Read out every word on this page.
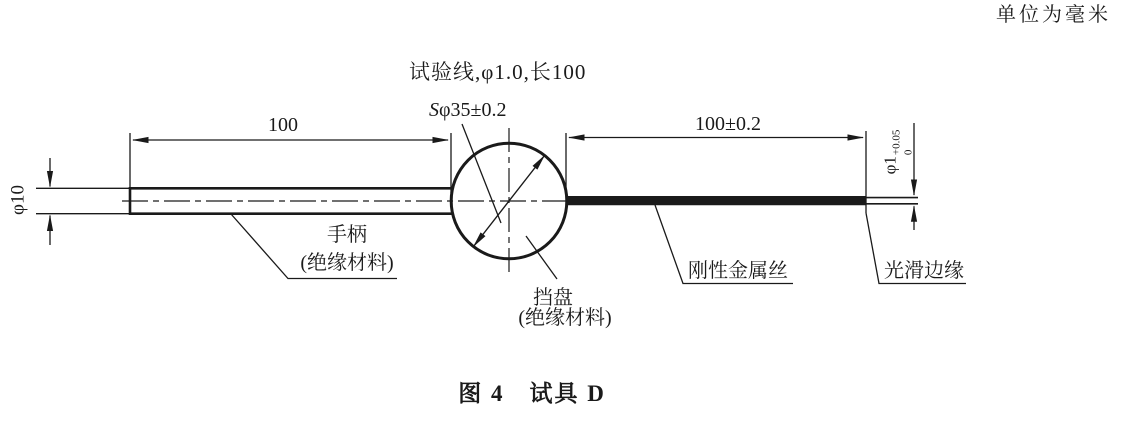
单位为毫米
试验线,φ1.0,长100
Sφ35±0.2
100	100±0.2
φ10
φ1
+0.05 0
手柄
(绝缘材料)
挡盘
(绝缘材料)
刚性金属丝	光滑边缘
图 4　试具 D
